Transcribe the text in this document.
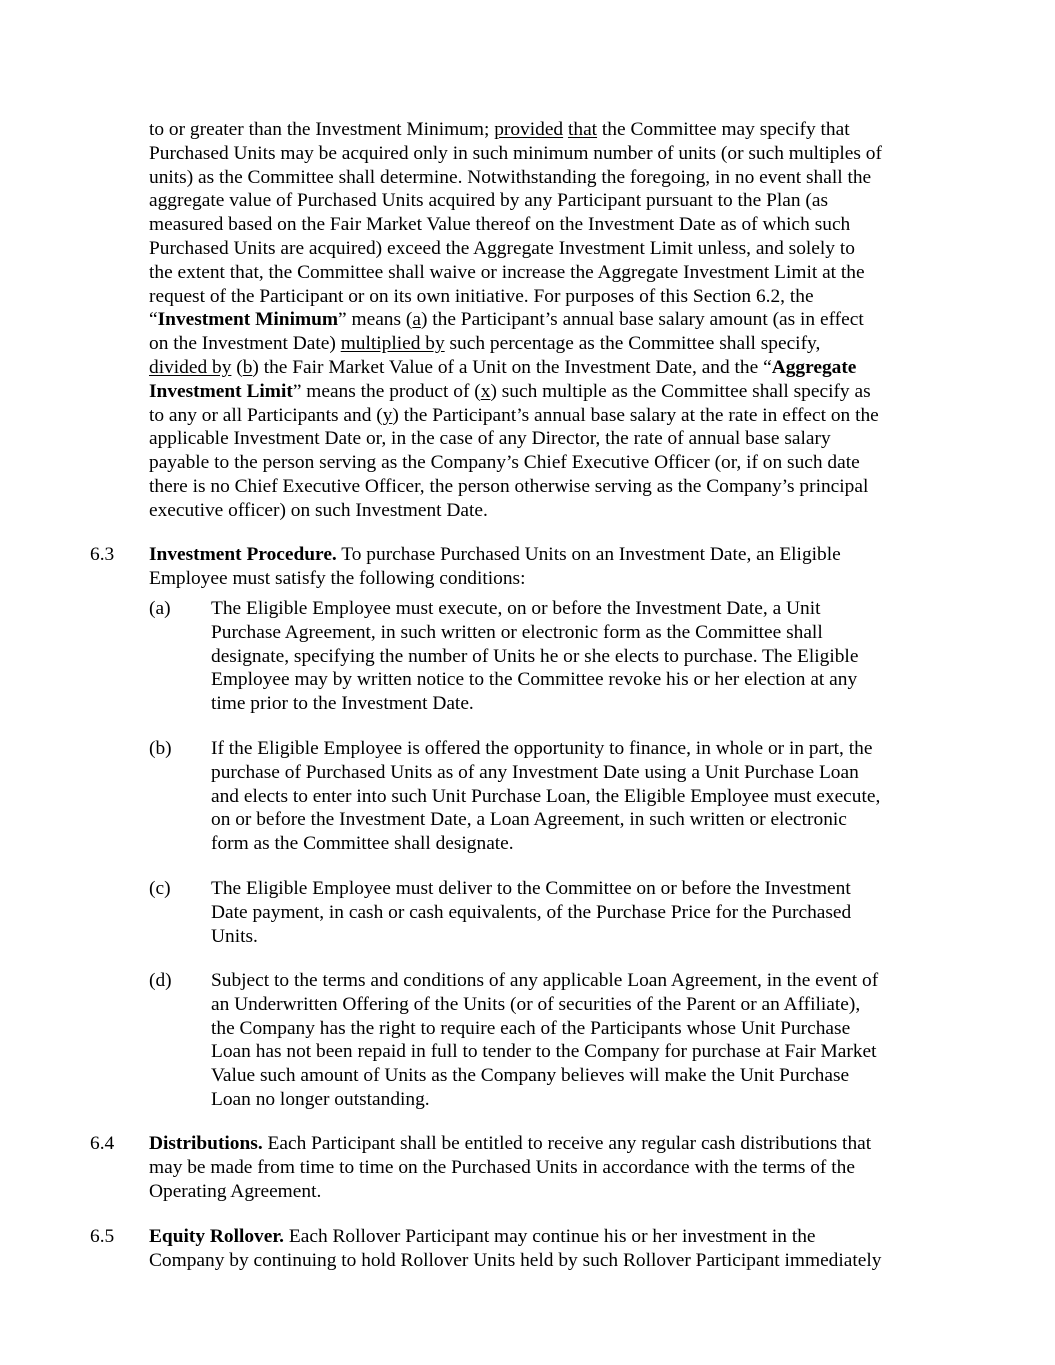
to or greater than the Investment Minimum; provided that the Committee may specify that
Purchased Units may be acquired only in such minimum number of units (or such multiples of
units) as the Committee shall determine. Notwithstanding the foregoing, in no event shall the
aggregate value of Purchased Units acquired by any Participant pursuant to the Plan (as
measured based on the Fair Market Value thereof on the Investment Date as of which such
Purchased Units are acquired) exceed the Aggregate Investment Limit unless, and solely to
the extent that, the Committee shall waive or increase the Aggregate Investment Limit at the
request of the Participant or on its own initiative. For purposes of this Section 6.2, the
“Investment Minimum” means (a) the Participant’s annual base salary amount (as in effect
on the Investment Date) multiplied by such percentage as the Committee shall specify,
divided by (b) the Fair Market Value of a Unit on the Investment Date, and the “Aggregate
Investment Limit” means the product of (x) such multiple as the Committee shall specify as
to any or all Participants and (y) the Participant’s annual base salary at the rate in effect on the
applicable Investment Date or, in the case of any Director, the rate of annual base salary
payable to the person serving as the Company’s Chief Executive Officer (or, if on such date
there is no Chief Executive Officer, the person otherwise serving as the Company’s principal
executive officer) on such Investment Date.
6.3 Investment Procedure. To purchase Purchased Units on an Investment Date, an Eligible
Employee must satisfy the following conditions:
(a) The Eligible Employee must execute, on or before the Investment Date, a Unit
Purchase Agreement, in such written or electronic form as the Committee shall
designate, specifying the number of Units he or she elects to purchase. The Eligible
Employee may by written notice to the Committee revoke his or her election at any
time prior to the Investment Date.
(b) If the Eligible Employee is offered the opportunity to finance, in whole or in part, the
purchase of Purchased Units as of any Investment Date using a Unit Purchase Loan
and elects to enter into such Unit Purchase Loan, the Eligible Employee must execute,
on or before the Investment Date, a Loan Agreement, in such written or electronic
form as the Committee shall designate.
(c) The Eligible Employee must deliver to the Committee on or before the Investment
Date payment, in cash or cash equivalents, of the Purchase Price for the Purchased
Units.
(d) Subject to the terms and conditions of any applicable Loan Agreement, in the event of
an Underwritten Offering of the Units (or of securities of the Parent or an Affiliate),
the Company has the right to require each of the Participants whose Unit Purchase
Loan has not been repaid in full to tender to the Company for purchase at Fair Market
Value such amount of Units as the Company believes will make the Unit Purchase
Loan no longer outstanding.
6.4 Distributions. Each Participant shall be entitled to receive any regular cash distributions that
may be made from time to time on the Purchased Units in accordance with the terms of the
Operating Agreement.
6.5 Equity Rollover. Each Rollover Participant may continue his or her investment in the
Company by continuing to hold Rollover Units held by such Rollover Participant immediately
